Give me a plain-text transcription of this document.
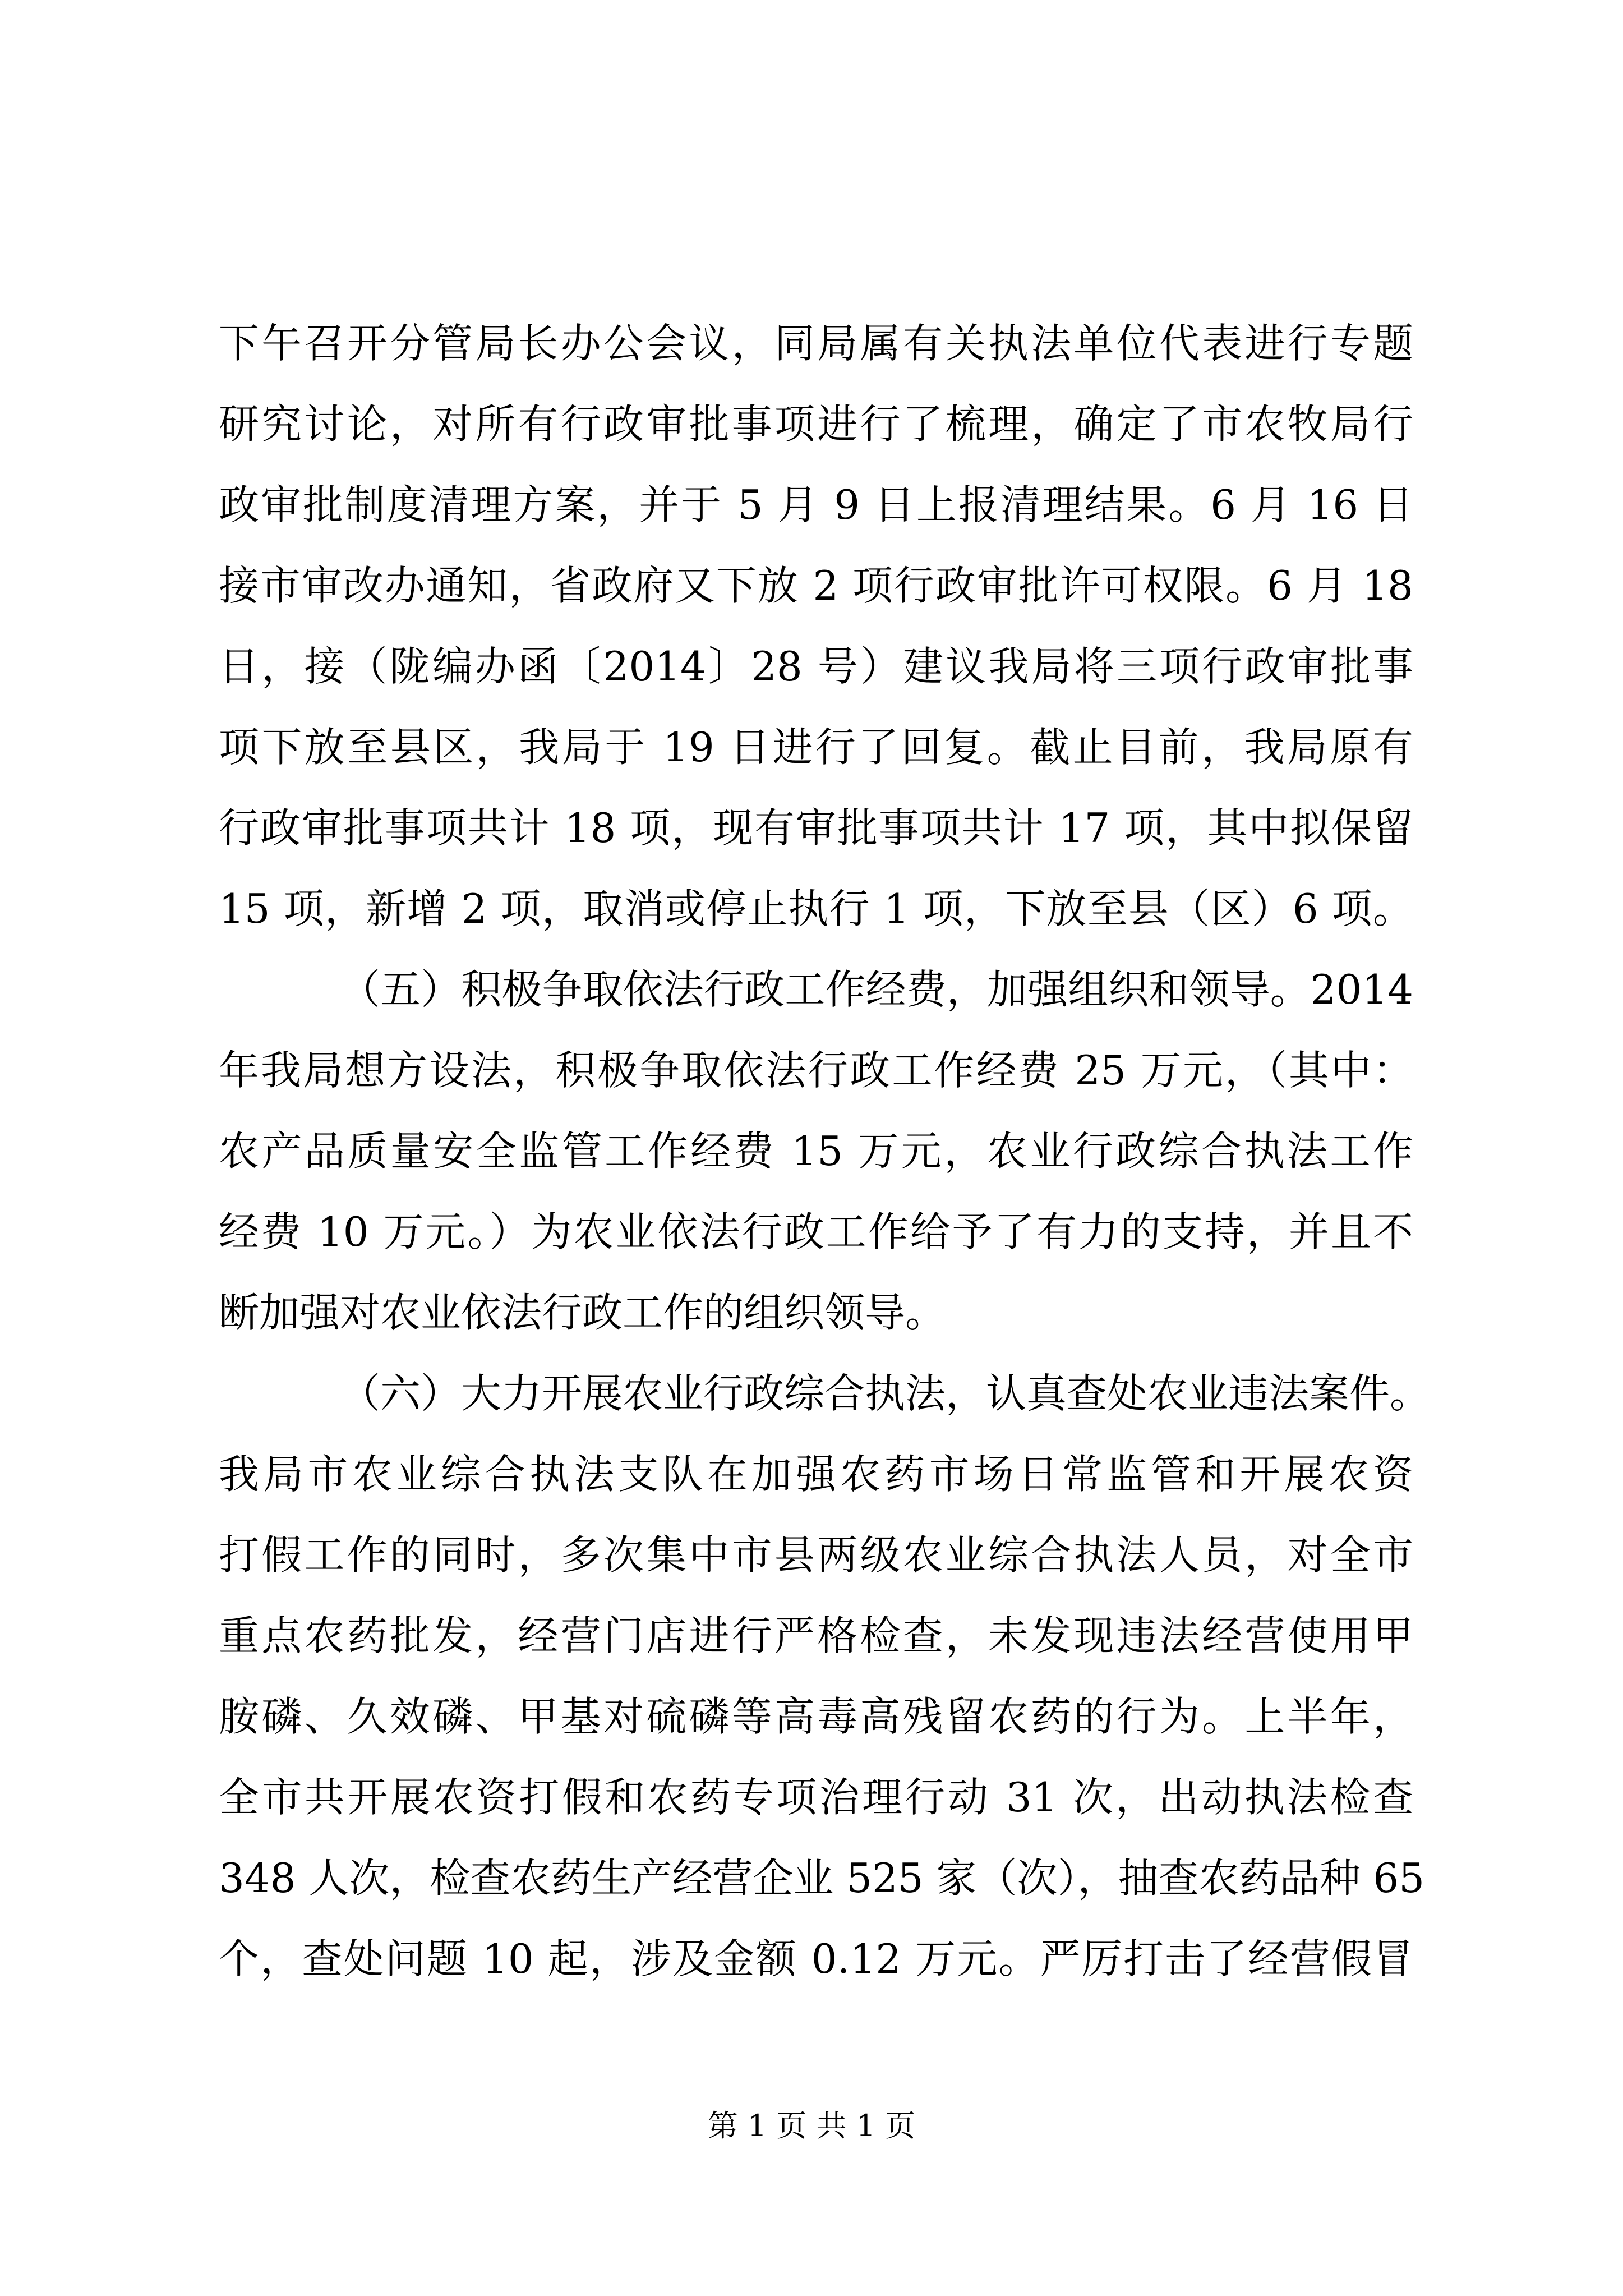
下午召开分管局长办公会议，同局属有关执法单位代表进行专题
研究讨论，对所有行政审批事项进行了梳理，确定了市农牧局行
政审批制度清理方案，并于 5 月 9 日上报清理结果。6 月 16 日
接市审改办通知，省政府又下放 2 项行政审批许可权限。6 月 18
日，接（陇编办函〔2014〕28 号）建议我局将三项行政审批事
项下放至县区，我局于 19 日进行了回复。截止目前，我局原有
行政审批事项共计 18 项，现有审批事项共计 17 项，其中拟保留
15 项，新增 2 项，取消或停止执行 1 项，下放至县（区）6 项。
（五）积极争取依法行政工作经费，加强组织和领导。2014
年我局想方设法，积极争取依法行政工作经费 25 万元，（其中：
农产品质量安全监管工作经费 15 万元，农业行政综合执法工作
经费 10 万元。）为农业依法行政工作给予了有力的支持，并且不
断加强对农业依法行政工作的组织领导。
（六）大力开展农业行政综合执法，认真查处农业违法案件。
我局市农业综合执法支队在加强农药市场日常监管和开展农资
打假工作的同时，多次集中市县两级农业综合执法人员，对全市
重点农药批发，经营门店进行严格检查，未发现违法经营使用甲
胺磷、久效磷、甲基对硫磷等高毒高残留农药的行为。上半年，
全市共开展农资打假和农药专项治理行动 31 次，出动执法检查
348 人次，检查农药生产经营企业 525 家（次），抽查农药品种 65
个，查处问题 10 起，涉及金额 0.12 万元。严厉打击了经营假冒
第 1 页 共 1 页
